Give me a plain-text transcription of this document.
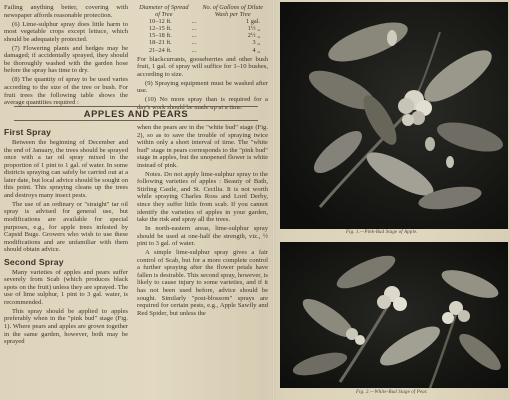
Failing anything better, covering with newspaper affords reasonable protection.

(6) Lime-sulphur spray does little harm to most vegetable crops except lettuce, which should be adequately protected.

(7) Flowering plants and hedges may be damaged; if accidentally sprayed, they should be thoroughly washed with the garden hose before the spray has time to dry.

(8) The quantity of spray to be used varies according to the size of the tree or bush. For fruit trees the following table shows the average quantities required :

Diameter of Spread of Tree		No. of Gallons of Dilute Wash per Tree
10–12 ft.	...	1 gal.
12–15 ft.	...	1½ „
15–18 ft.	...	2½ „
18–21 ft.	...	3 „
21–24 ft.	...	4 „

For blackcurrants, gooseberries and other bush fruit, 1 gal. of spray will suffice for 1–10 bushes, according to size.

(9) Spraying equipment must be washed after use.

(10) No more spray than is required for a day's work should be made up at a time.

APPLES AND PEARS
First Spray

Between the beginning of December and the end of January, the trees should be sprayed once with a tar oil spray mixed in the proportion of 1 pint to 1 gal. of water. In some districts spraying can safely be carried out at a later date, but local advice should be sought on this point. This spraying cleans up the trees and destroys many insect pests.

The use of an ordinary or "straight" tar oil spray is advised for general use, but modifications are available for special purposes, e.g., for apple trees infested by Capsid Bugs. Growers who wish to use these modifications and are unfamiliar with them should obtain advice.

Second Spray

Many varieties of apples and pears suffer severely from Scab (which produces black spots on the fruit) unless they are sprayed. The use of lime sulphur, 1 pint to 3 gal. water, is recommended.

This spray should be applied to apples preferably when in the "pink bud" stage (Fig. 1). Where pears and apples are grown together in the same garden, however, both may be sprayed

when the pears are in the "white bud" stage (Fig. 2), so as to save the trouble of spraying twice within only a short interval of time. The "white bud" stage in pears corresponds to the "pink bud" stage in apples, but the unopened flower is white instead of pink.

Notes. Do not apply lime-sulphur spray to the following varieties of apples : Beauty of Bath, Stirling Castle, and St. Cecilia. It is not worth while spraying Charles Ross and Lord Derby, since they suffer little from scab. If you cannot identify the varieties of apples in your garden, take the risk and spray all the trees.

In north-eastern areas, lime-sulphur spray should be used at one-half the strength, viz., ½ pint to 3 gal. of water.

A simple lime-sulphur spray gives a fair control of Scab, but for a more complete control a further spraying after the flower petals have fallen is desirable. This second spray, however, is likely to cause injury to some varieties, and if it has not been used before, advice should be sought. Similarly "post-blossom" sprays are required for certain pests, e.g., Apple Sawfly and Red Spider, but unless the

Fig. 1.—Pink-Bud Stage of Apple.
Fig. 2.—White-Bud Stage of Pear.
